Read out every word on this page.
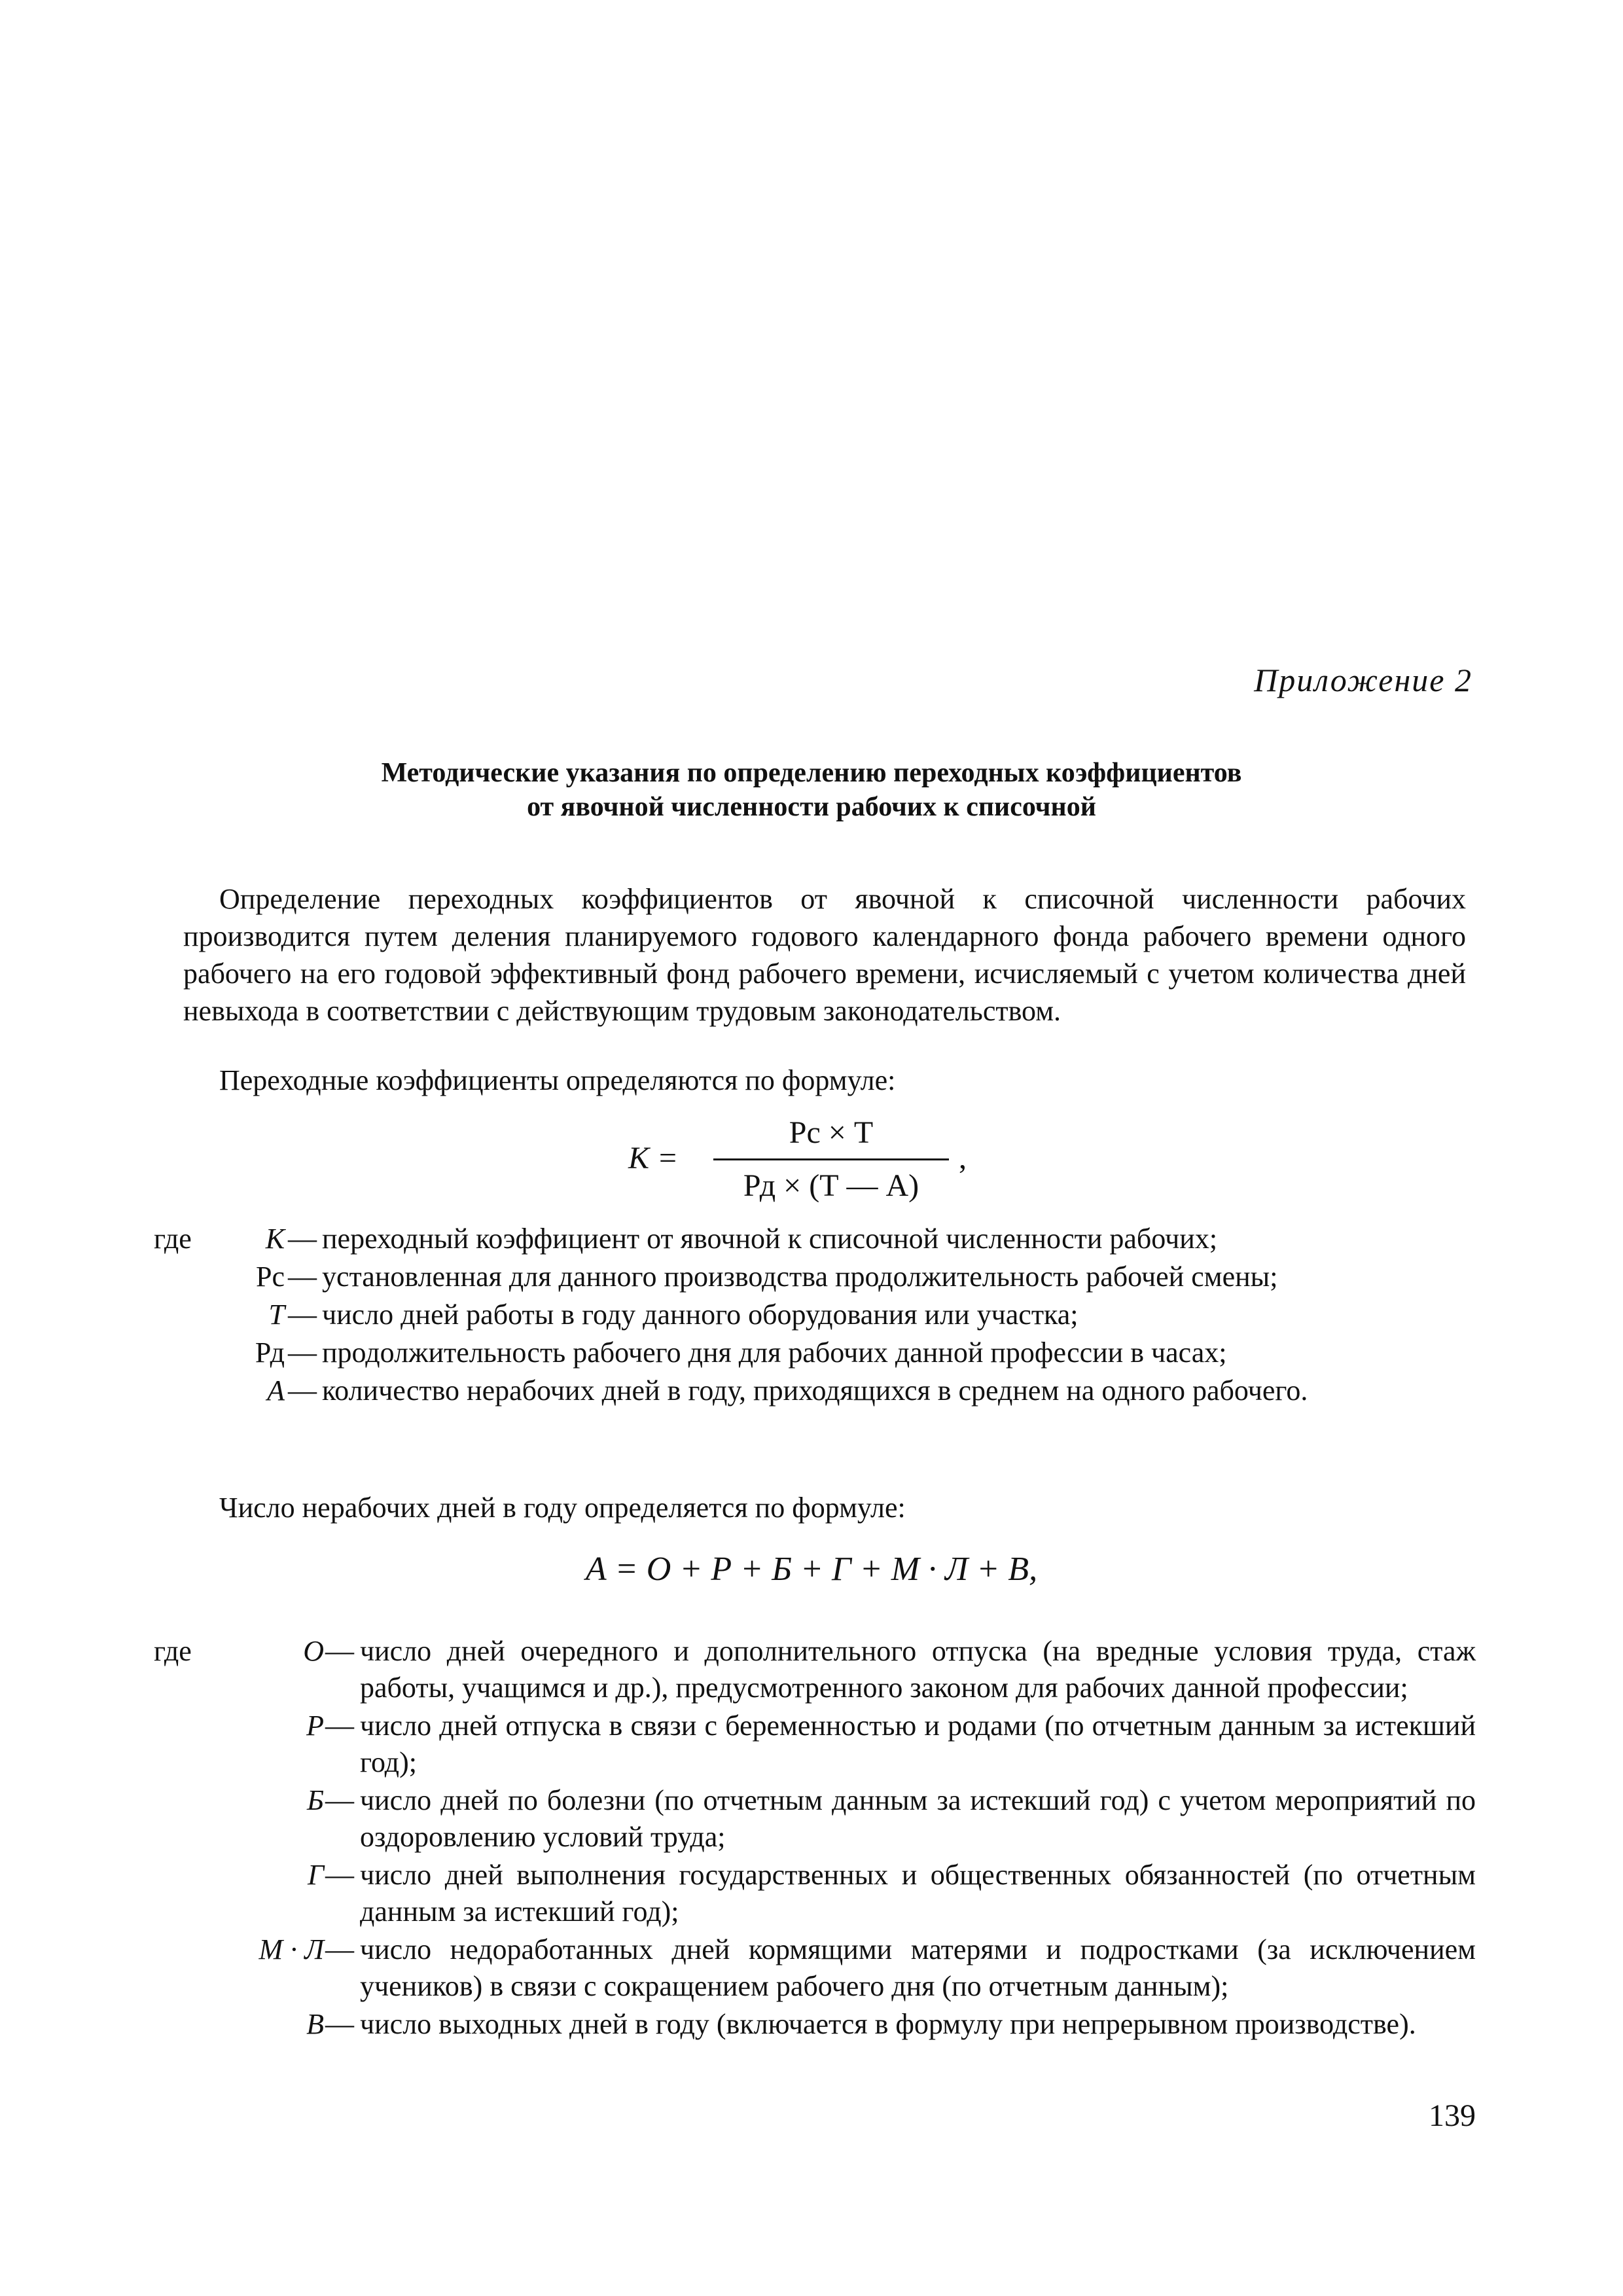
Приложение 2
Методические указания по определению переходных коэффициентов
от явочной численности рабочих к списочной
Определение переходных коэффициентов от явочной к списочной численности рабочих производится путем деления планируемого годового календарного фонда рабочего времени одного рабочего на его годовой эффективный фонд рабочего времени, исчисляемый с учетом количества дней невыхода в соответствии с действующим трудовым законодательством.
Переходные коэффициенты определяются по формуле:
К =
Рс × Т
Рд × (Т — А)
,
где	К — переходный коэффициент от явочной к списочной численности рабочих;
Рс — установленная для данного производства продолжительность рабочей смены;
Т — число дней работы в году данного оборудования или участка;
Рд — продолжительность рабочего дня для рабочих данной профессии в часах;
А — количество нерабочих дней в году, приходящихся в среднем на одного рабочего.
Число нерабочих дней в году определяется по формуле:
А = О + Р + Б + Г + М · Л + В,
где	О — число дней очередного и дополнительного отпуска (на вредные условия труда, стаж работы, учащимся и др.), предусмотренного законом для рабочих данной профессии;
Р — число дней отпуска в связи с беременностью и родами (по отчетным данным за истекший год);
Б — число дней по болезни (по отчетным данным за истекший год) с учетом мероприятий по оздоровлению условий труда;
Г — число дней выполнения государственных и общественных обязанностей (по отчетным данным за истекший год);
М · Л — число недоработанных дней кормящими матерями и подростками (за исключением учеников) в связи с сокращением рабочего дня (по отчетным данным);
В — число выходных дней в году (включается в формулу при непрерывном производстве).
139
